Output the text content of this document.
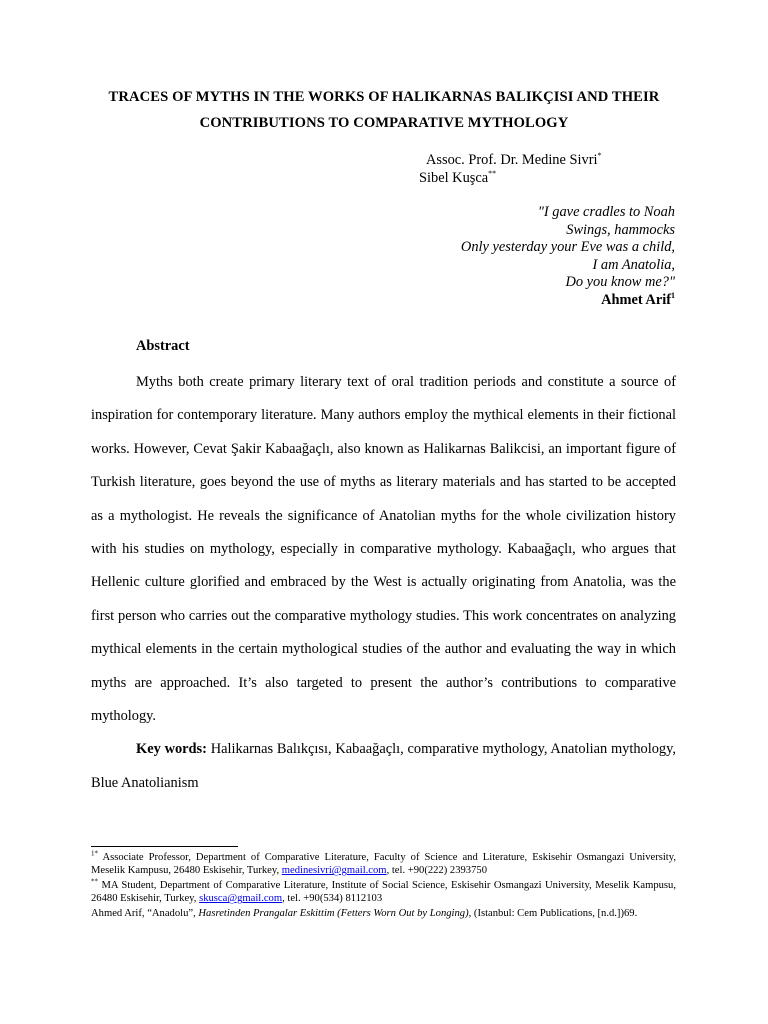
TRACES OF MYTHS IN THE WORKS OF HALIKARNAS BALIKÇISI AND THEIR
CONTRIBUTIONS TO COMPARATIVE MYTHOLOGY
Assoc. Prof. Dr. Medine Sivri*
Sibel Kuşca**
"I gave cradles to Noah
Swings, hammocks
Only yesterday your Eve was a child,
I am Anatolia,
Do you know me?"
Ahmet Arif$^1$
Abstract

Myths both create primary literary text of oral tradition periods and constitute a source of inspiration for contemporary literature. Many authors employ the mythical elements in their fictional works. However, Cevat Şakir Kabaağaçlı, also known as Halikarnas Balikcisi, an important figure of Turkish literature, goes beyond the use of myths as literary materials and has started to be accepted as a mythologist. He reveals the significance of Anatolian myths for the whole civilization history with his studies on mythology, especially in comparative mythology. Kabaağaçlı, who argues that Hellenic culture glorified and embraced by the West is actually originating from Anatolia, was the first person who carries out the comparative mythology studies. This work concentrates on analyzing mythical elements in the certain mythological studies of the author and evaluating the way in which myths are approached. It’s also targeted to present the author’s contributions to comparative mythology.

Key words: Halikarnas Balıkçısı, Kabaağaçlı, comparative mythology, Anatolian mythology, Blue Anatolianism

$^{1*}$ Associate Professor, Department of Comparative Literature, Faculty of Science and Literature, Eskisehir Osmangazi University, Meselik Kampusu, 26480 Eskisehir, Turkey, medinesivri@gmail.com, tel. +90(222) 2393750

** MA Student, Department of Comparative Literature, Institute of Social Science, Eskisehir Osmangazi University, Meselik Kampusu, 26480 Eskisehir, Turkey, skusca@gmail.com, tel. +90(534) 8112103

Ahmed Arif, “Anadolu”, Hasretinden Prangalar Eskittim (Fetters Worn Out by Longing), (Istanbul: Cem Publications, [n.d.])69.
